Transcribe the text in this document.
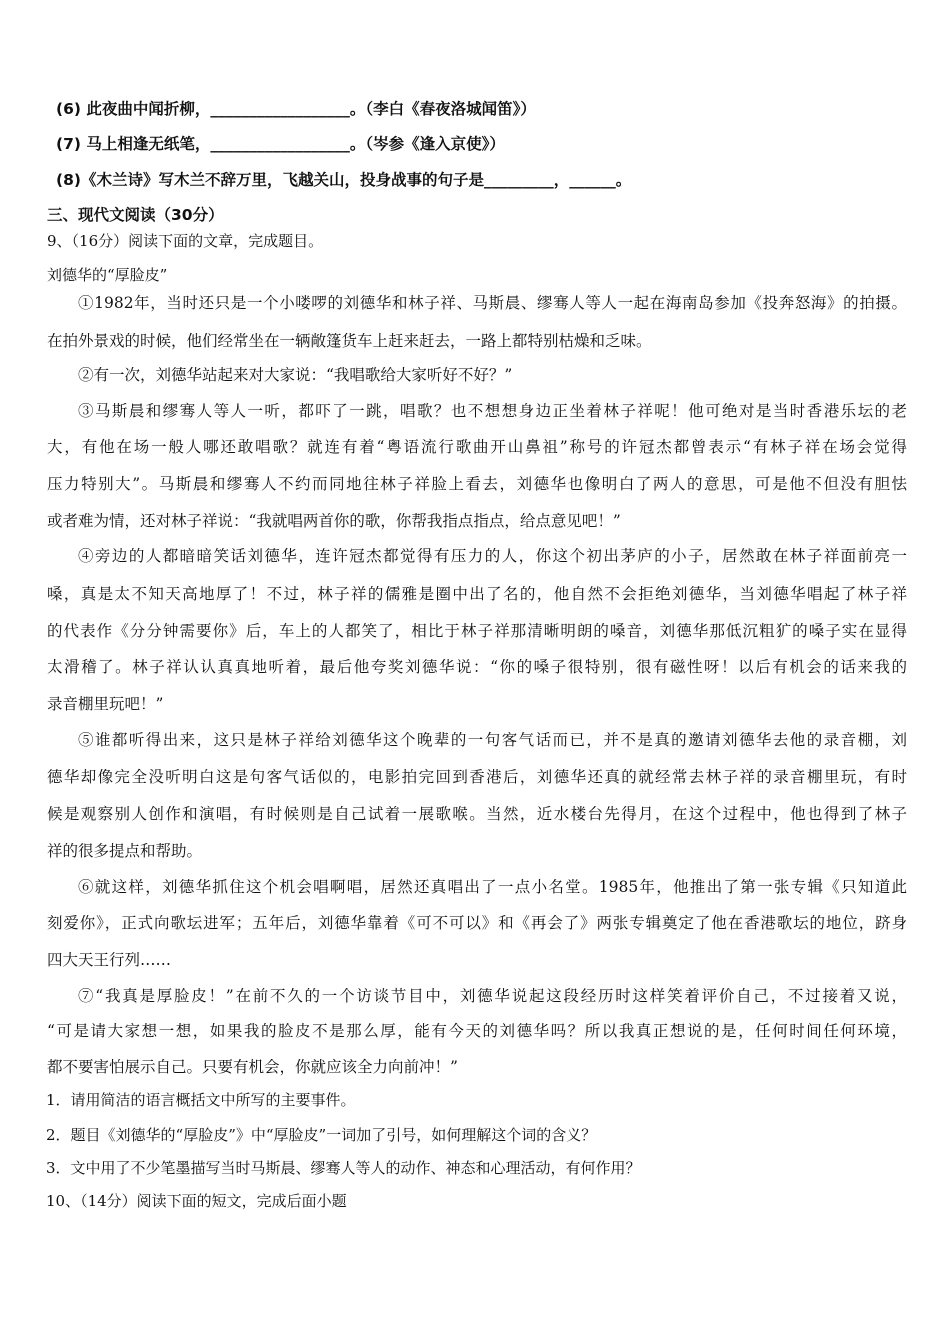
(6) 此夜曲中闻折柳，__________________。（李白《春夜洛城闻笛》）
(7) 马上相逢无纸笔，__________________。（岑参《逢入京使》）
(8)《木兰诗》写木兰不辞万里，飞越关山，投身战事的句子是_________，______。
三、现代文阅读（30分）
9、（16分）阅读下面的文章，完成题目。
刘德华的“厚脸皮”
①1982年，当时还只是一个小喽啰的刘德华和林子祥、马斯晨、缪骞人等人一起在海南岛参加《投奔怒海》的拍摄。
在拍外景戏的时候，他们经常坐在一辆敞篷货车上赶来赶去，一路上都特别枯燥和乏味。
②有一次，刘德华站起来对大家说：“我唱歌给大家听好不好？”
③马斯晨和缪骞人等人一听，都吓了一跳，唱歌？也不想想身边正坐着林子祥呢！他可绝对是当时香港乐坛的老
大，有他在场一般人哪还敢唱歌？就连有着“粤语流行歌曲开山鼻祖”称号的许冠杰都曾表示“有林子祥在场会觉得
压力特别大”。马斯晨和缪骞人不约而同地往林子祥脸上看去，刘德华也像明白了两人的意思，可是他不但没有胆怯
或者难为情，还对林子祥说：“我就唱两首你的歌，你帮我指点指点，给点意见吧！”
④旁边的人都暗暗笑话刘德华，连许冠杰都觉得有压力的人，你这个初出茅庐的小子，居然敢在林子祥面前亮一
嗓，真是太不知天高地厚了！不过，林子祥的儒雅是圈中出了名的，他自然不会拒绝刘德华，当刘德华唱起了林子祥
的代表作《分分钟需要你》后，车上的人都笑了，相比于林子祥那清晰明朗的嗓音，刘德华那低沉粗犷的嗓子实在显得
太滑稽了。林子祥认认真真地听着，最后他夸奖刘德华说：“你的嗓子很特别，很有磁性呀！以后有机会的话来我的
录音棚里玩吧！”
⑤谁都听得出来，这只是林子祥给刘德华这个晚辈的一句客气话而已，并不是真的邀请刘德华去他的录音棚，刘
德华却像完全没听明白这是句客气话似的，电影拍完回到香港后，刘德华还真的就经常去林子祥的录音棚里玩，有时
候是观察别人创作和演唱，有时候则是自己试着一展歌喉。当然，近水楼台先得月，在这个过程中，他也得到了林子
祥的很多提点和帮助。
⑥就这样，刘德华抓住这个机会唱啊唱，居然还真唱出了一点小名堂。1985年，他推出了第一张专辑《只知道此
刻爱你》，正式向歌坛进军；五年后，刘德华靠着《可不可以》和《再会了》两张专辑奠定了他在香港歌坛的地位，跻身
四大天王行列……
⑦“我真是厚脸皮！”在前不久的一个访谈节目中，刘德华说起这段经历时这样笑着评价自己，不过接着又说，
“可是请大家想一想，如果我的脸皮不是那么厚，能有今天的刘德华吗？所以我真正想说的是，任何时间任何环境，
都不要害怕展示自己。只要有机会，你就应该全力向前冲！”
1．请用简洁的语言概括文中所写的主要事件。
2．题目《刘德华的“厚脸皮”》中“厚脸皮”一词加了引号，如何理解这个词的含义？
3．文中用了不少笔墨描写当时马斯晨、缪骞人等人的动作、神态和心理活动，有何作用？
10、（14分）阅读下面的短文，完成后面小题
